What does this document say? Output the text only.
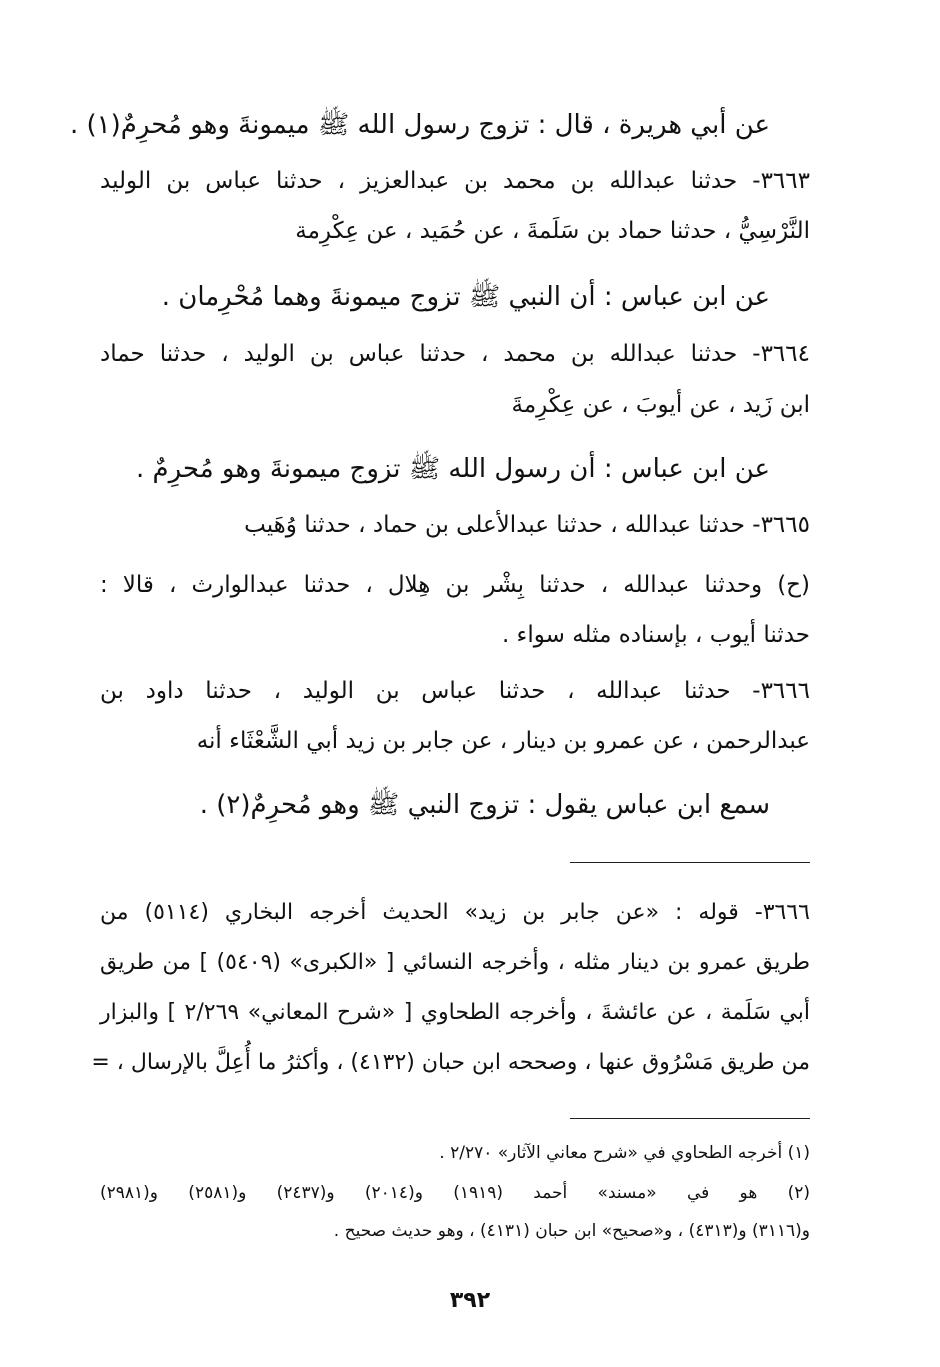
عن أبي هريرة ، قال : تزوج رسول الله ﷺ ميمونةَ وهو مُحرِمٌ(١) .
٣٦٦٣- حدثنا عبدالله بن محمد بن عبدالعزيز ، حدثنا عباس بن الوليد
النَّرْسِيُّ ، حدثنا حماد بن سَلَمةَ ، عن حُمَيد ، عن عِكْرِمة
عن ابن عباس : أن النبي ﷺ تزوج ميمونةَ وهما مُحْرِمان .
٣٦٦٤- حدثنا عبدالله بن محمد ، حدثنا عباس بن الوليد ، حدثنا حماد
ابن زَيد ، عن أيوبَ ، عن عِكْرِمةَ
عن ابن عباس : أن رسول الله ﷺ تزوج ميمونةَ وهو مُحرِمٌ .
٣٦٦٥- حدثنا عبدالله ، حدثنا عبدالأعلى بن حماد ، حدثنا وُهَيب
(ح) وحدثنا عبدالله ، حدثنا بِشْر بن هِلال ، حدثنا عبدالوارث ، قالا :
حدثنا أيوب ، بإسناده مثله سواء .
٣٦٦٦- حدثنا عبدالله ، حدثنا عباس بن الوليد ، حدثنا داود بن
عبدالرحمن ، عن عمرو بن دينار ، عن جابر بن زيد أبي الشَّعْثَاء أنه
سمع ابن عباس يقول : تزوج النبي ﷺ وهو مُحرِمٌ(٢) .
٣٦٦٦- قوله : «عن جابر بن زيد» الحديث أخرجه البخاري (٥١١٤) من
طريق عمرو بن دينار مثله ، وأخرجه النسائي [ «الكبرى» (٥٤٠٩) ] من طريق
أبي سَلَمة ، عن عائشةَ ، وأخرجه الطحاوي [ «شرح المعاني» ٢/٢٦٩ ] والبزار
من طريق مَسْرُوق عنها ، وصححه ابن حبان (٤١٣٢) ، وأكثرُ ما أُعِلَّ بالإرسال ، =
(١) أخرجه الطحاوي في «شرح معاني الآثار» ٢/٢٧٠ .
(٢) هو في «مسند» أحمد (١٩١٩) و(٢٠١٤) و(٢٤٣٧) و(٢٥٨١) و(٢٩٨١)
و(٣١١٦) و(٤٣١٣) ، و«صحيح» ابن حبان (٤١٣١) ، وهو حديث صحيح .
٣٩٢
